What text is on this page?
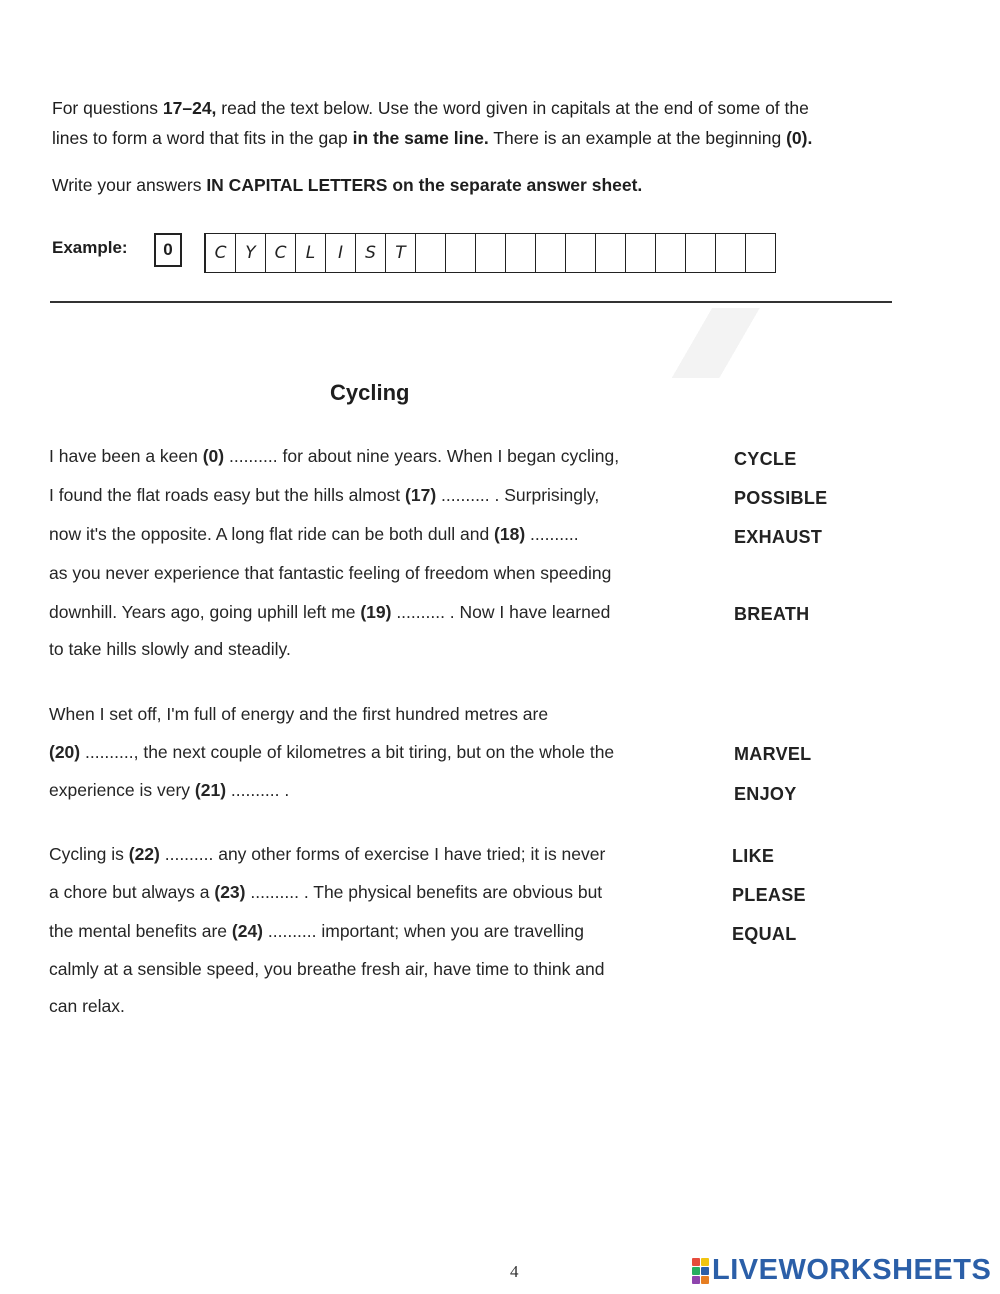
For questions 17–24, read the text below. Use the word given in capitals at the end of some of the
lines to form a word that fits in the gap in the same line. There is an example at the beginning (0).
Write your answers IN CAPITAL LETTERS on the separate answer sheet.
Example:	0	C	Y	C	L	I	S	T
Cycling
I have been a keen (0) .......... for about nine years. When I began cycling,
I found the flat roads easy but the hills almost (17) .......... . Surprisingly,
now it's the opposite. A long flat ride can be both dull and (18) ..........
as you never experience that fantastic feeling of freedom when speeding
downhill. Years ago, going uphill left me (19) .......... . Now I have learned
to take hills slowly and steadily.
When I set off, I'm full of energy and the first hundred metres are
(20) .........., the next couple of kilometres a bit tiring, but on the whole the
experience is very (21) .......... .
Cycling is (22) .......... any other forms of exercise I have tried; it is never
a chore but always a (23) .......... . The physical benefits are obvious but
the mental benefits are (24) .......... important; when you are travelling
calmly at a sensible speed, you breathe fresh air, have time to think and
can relax.
CYCLE
POSSIBLE
EXHAUST
BREATH
MARVEL
ENJOY
LIKE
PLEASE
EQUAL
4	LIVEWORKSHEETS
